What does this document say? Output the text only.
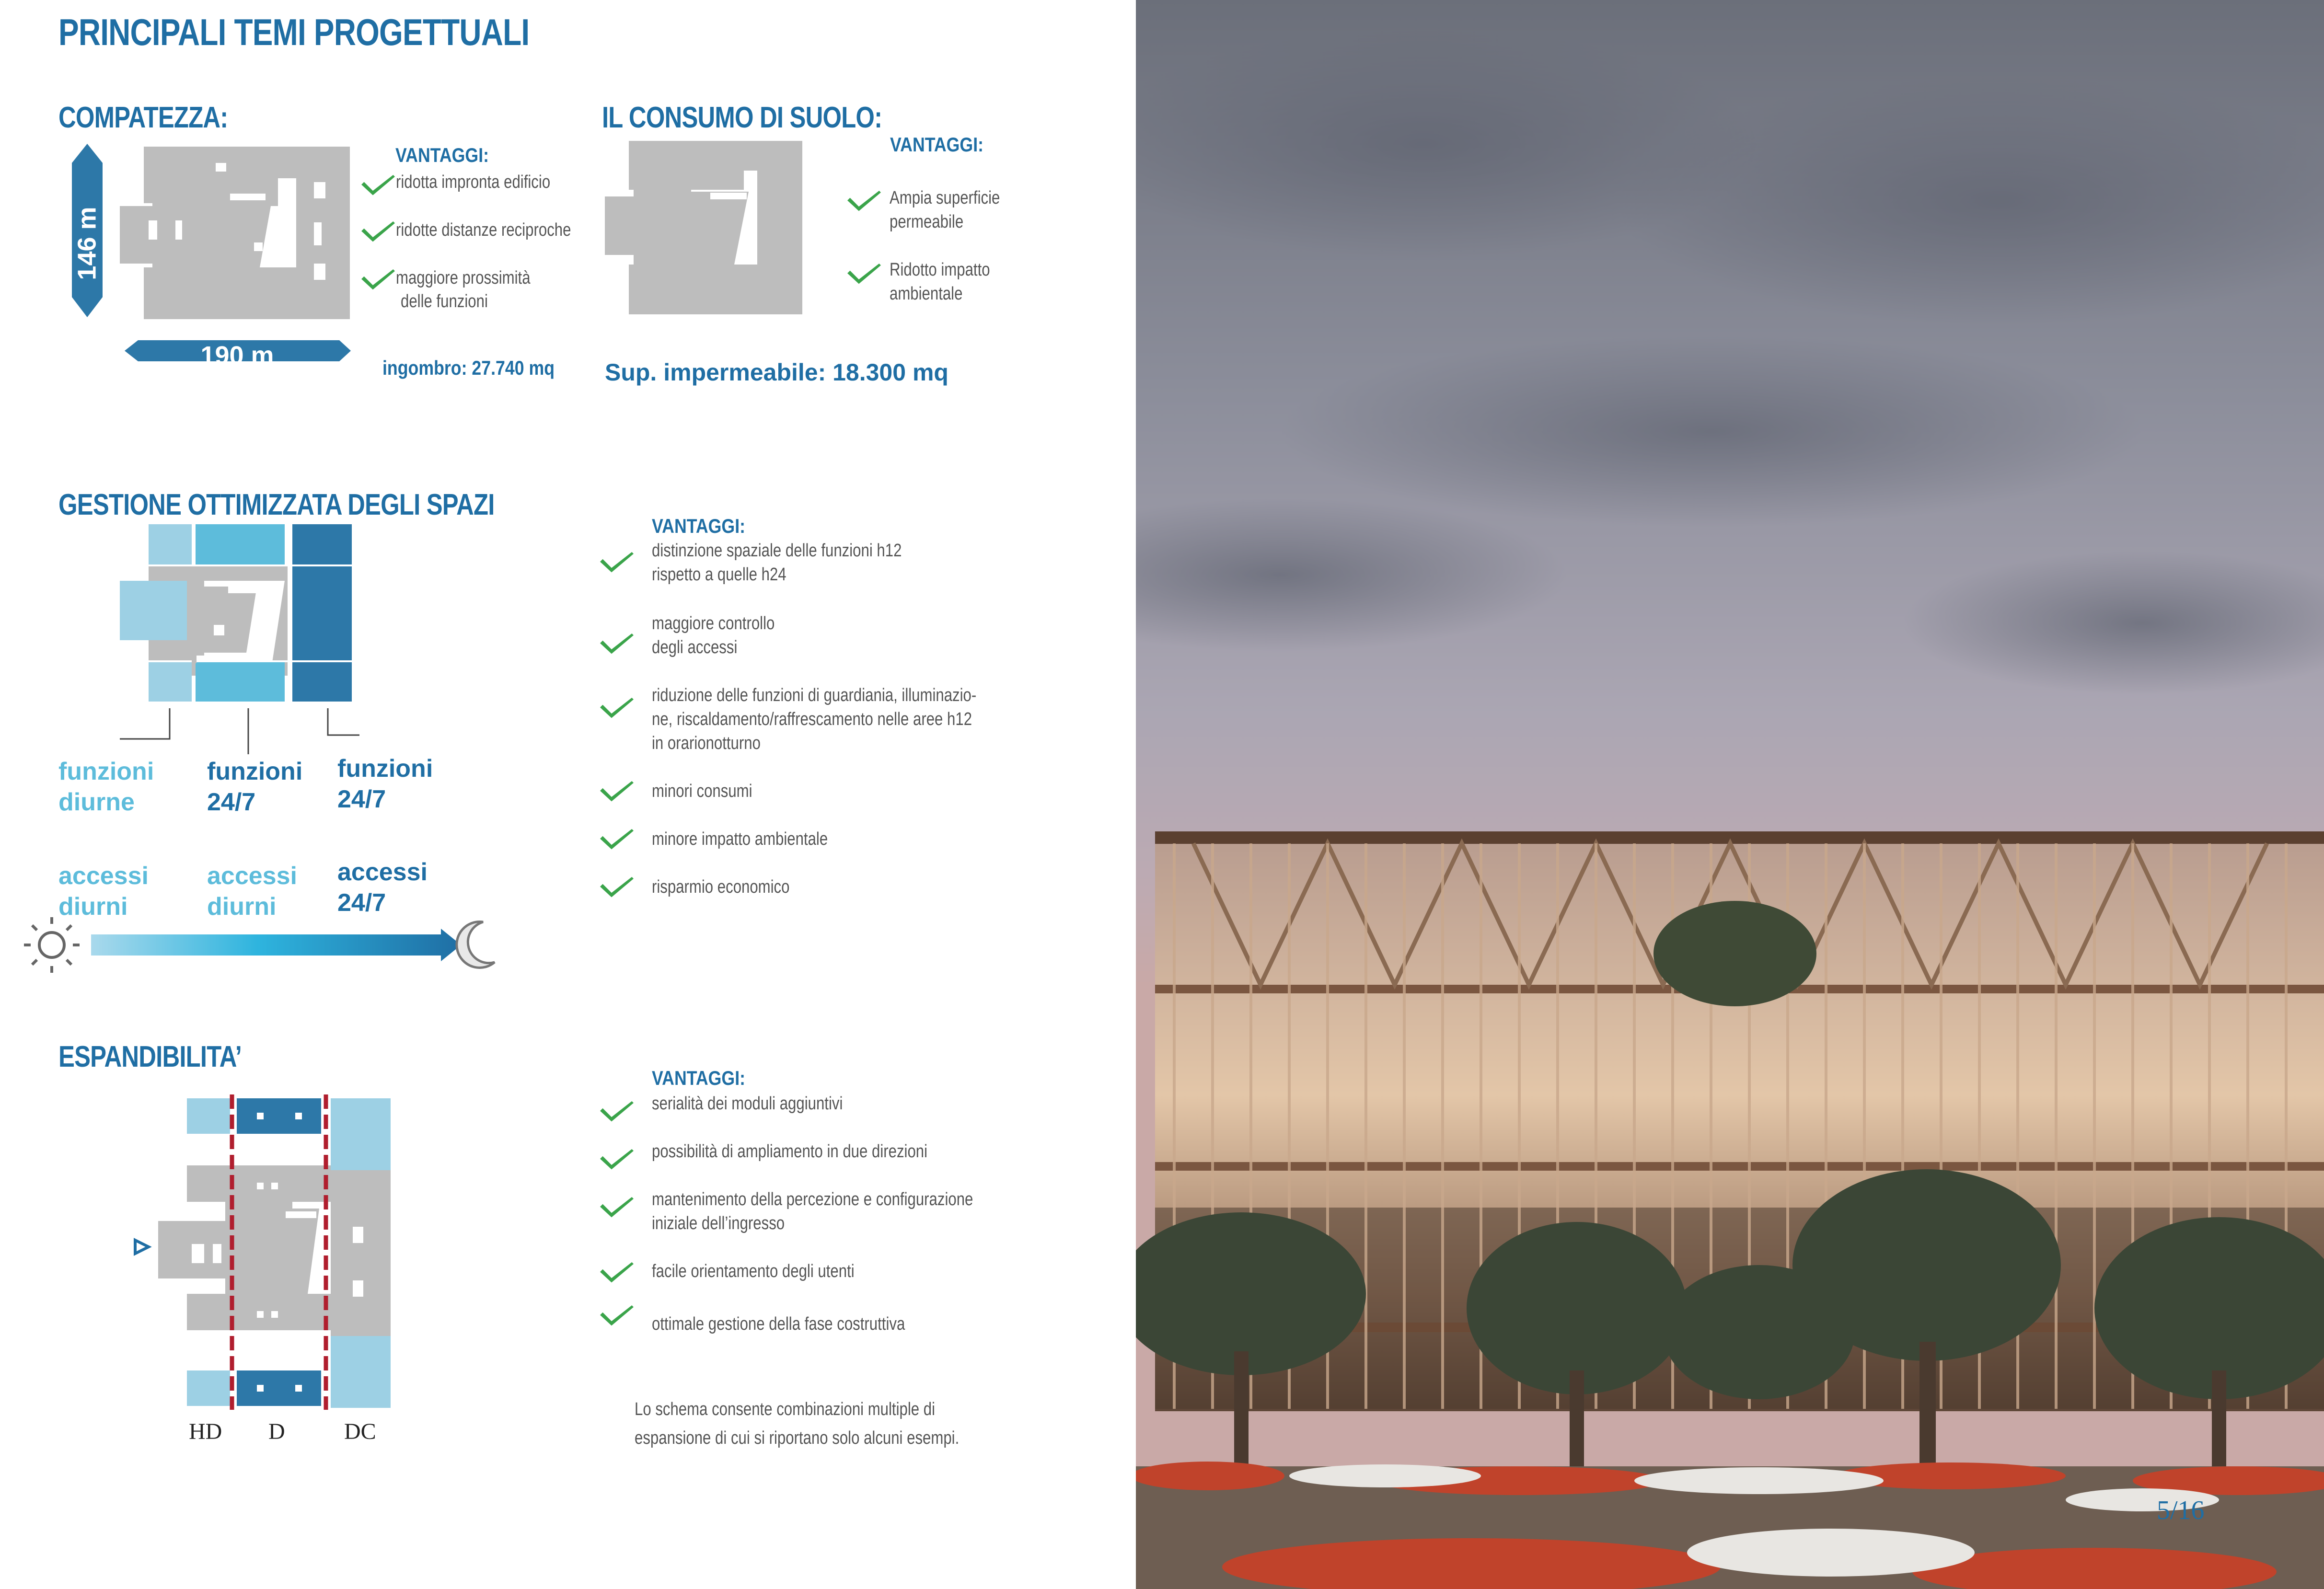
PRINCIPALI TEMI PROGETTUALI
COMPATEZZA:
146 m
190 m
VANTAGGI:
ridotta impronta edificio
ridotte distanze reciproche
maggiore prossimità
delle funzioni
ingombro: 27.740 mq
IL CONSUMO DI SUOLO:
VANTAGGI:
Ampia superficie
permeabile
Ridotto impatto
ambientale
Sup. impermeabile: 18.300 mq
GESTIONE OTTIMIZZATA DEGLI SPAZI
funzioni
diurne
funzioni
24/7
funzioni
24/7
accessi
diurni
accessi
diurni
accessi
24/7
VANTAGGI:
distinzione spaziale delle funzioni h12
rispetto a quelle h24
maggiore controllo
degli accessi
riduzione delle funzioni di guardiania, illuminazio-
ne, riscaldamento/raffrescamento nelle aree h12
in orarionotturno
minori consumi
minore impatto ambientale
risparmio economico
ESPANDIBILITA’
HD D	DC
VANTAGGI:
serialità dei moduli aggiuntivi
possibilità di ampliamento in due direzioni
mantenimento della percezione e configurazione
iniziale dell’ingresso
facile orientamento degli utenti
ottimale gestione della fase costruttiva
Lo schema consente combinazioni multiple di
espansione di cui si riportano solo alcuni esempi.
5/16
